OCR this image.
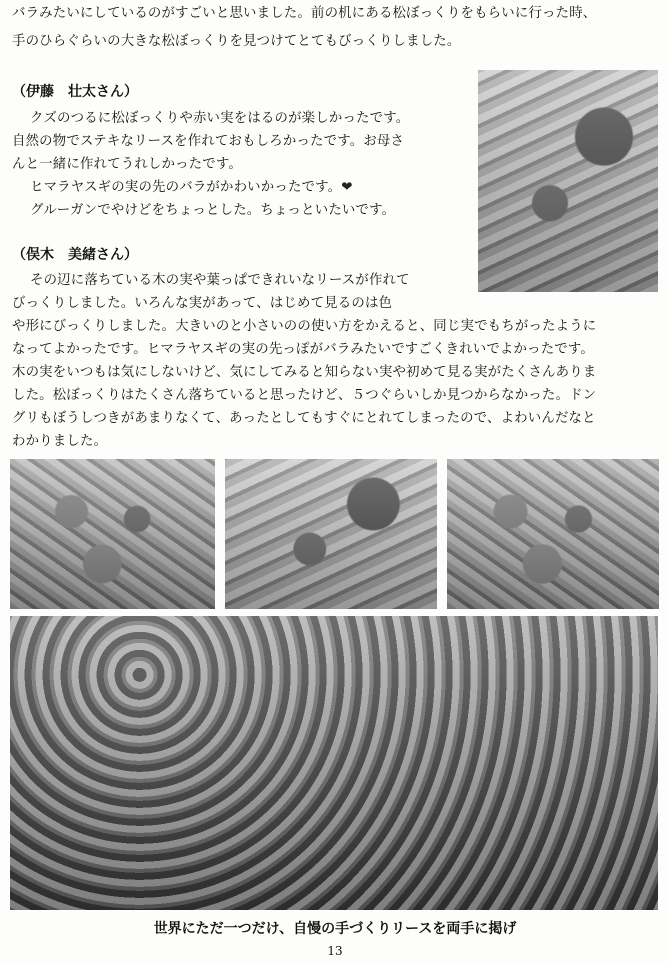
バラみたいにしているのがすごいと思いました。前の机にある松ぼっくりをもらいに行った時、
手のひらぐらいの大きな松ぼっくりを見つけてとてもびっくりしました。
（伊藤　壮太さん）
クズのつるに松ぼっくりや赤い実をはるのが楽しかったです。
自然の物でステキなリースを作れておもしろかったです。お母さ
んと一緒に作れてうれしかったです。
ヒマラヤスギの実の先のバラがかわいかったです。❤
グルーガンでやけどをちょっとした。ちょっといたいです。
（俣木　美緒さん）
その辺に落ちている木の実や葉っぱできれいなリースが作れて
びっくりしました。いろんな実があって、はじめて見るのは色
や形にびっくりしました。大きいのと小さいのの使い方をかえると、同じ実でもちがったように
なってよかったです。ヒマラヤスギの実の先っぽがバラみたいですごくきれいでよかったです。
木の実をいつもは気にしないけど、気にしてみると知らない実や初めて見る実がたくさんありま
した。松ぼっくりはたくさん落ちていると思ったけど、５つぐらいしか見つからなかった。ドン
グリもぼうしつきがあまりなくて、あったとしてもすぐにとれてしまったので、よわいんだなと
わかりました。
世界にただ一つだけ、自慢の手づくりリースを両手に掲げ
13
